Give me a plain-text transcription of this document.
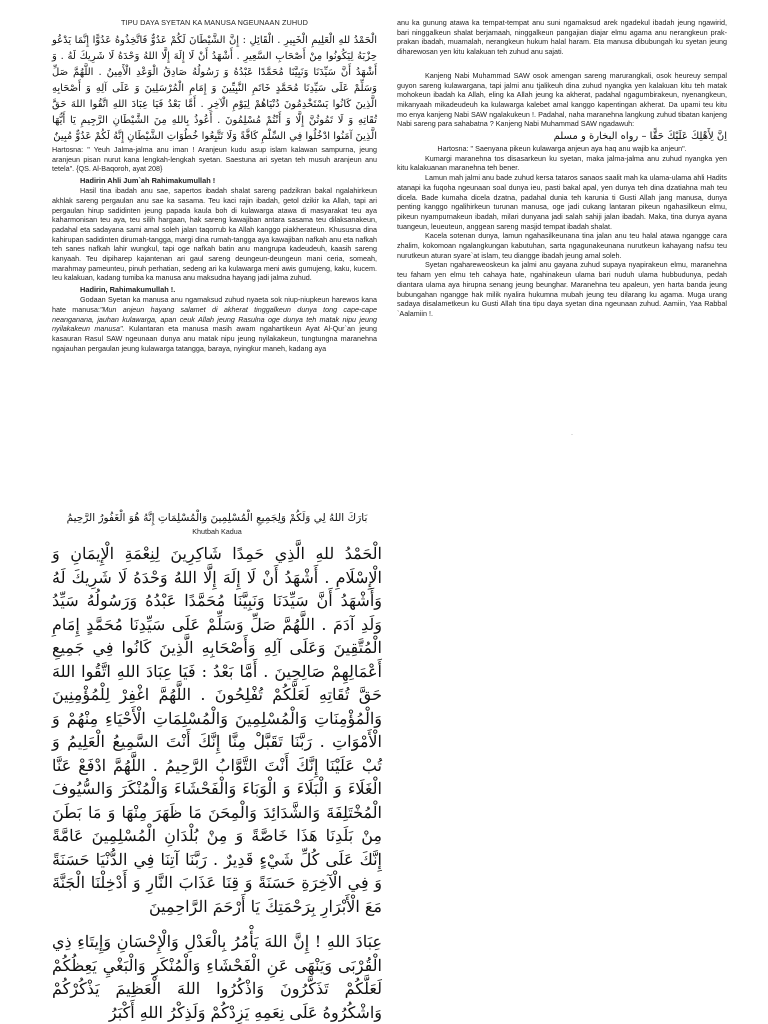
TIPU DAYA SYETAN KA MANUSA NGEUNAAN ZUHUD

الْحَمْدُ للهِ الْعَلِيمِ الْخَبِيرِ . الْقَائِلِ : إِنَّ الشَّيْطَانَ لَكُمْ عَدُوٌّ فَاتَّخِذُوهُ عَدُوًّا إِنَّمَا يَدْعُو حِزْبَهُ لِيَكُونُوا مِنْ أَصْحَابِ السَّعِيرِ . أَشْهَدُ أَنْ لَا إِلَهَ إِلَّا اللهُ وَحْدَهُ لَا شَرِيكَ لَهُ . وَ أَشْهَدُ أَنَّ سَيِّدَنَا وَنَبِيَّنَا مُحَمَّدًا عَبْدُهُ وَ رَسُولُهُ صَادِقُ الْوَعْدِ الْأَمِينُ . اللَّهُمَّ صَلِّ وَسَلِّمْ عَلَى سَيِّدِنَا مُحَمَّدٍ خَاتَمِ النَّبِيِّينَ وَ إِمَامِ الْمُرْسَلِينَ وَ عَلَى آلِهِ وَ أَصْحَابِهِ الَّذِينَ كَانُوا يَسْتَخْدِمُونَ دُنْيَاهُمْ لِيَوْمِ الْآخِرِ . أَمَّا بَعْدُ فَيَا عِبَادَ اللهِ اتَّقُوا اللهَ حَقَّ تُقَاتِهِ وَ لَا تَمُوتُنَّ إِلَّا وَ أَنْتُمْ مُسْلِمُونَ . أَعُوذُ بِاللهِ مِنَ الشَّيْطَانِ الرَّجِيمِ يَا أَيُّهَا الَّذِينَ آمَنُوا ادْخُلُوا فِي السِّلْمِ كَافَّةً وَلَا تَتَّبِعُوا خُطُوَاتِ الشَّيْطَانِ إِنَّهُ لَكُمْ عَدُوٌّ مُبِينٌ

Hartosna: " Yeuh Jalma-jalma anu iman ! Aranjeun kudu asup islam kalawan sampurna, jeung aranjeun pisan nurut kana lengkah-lengkah syetan. Saestuna ari syetan teh musuh aranjeun anu tetela". {QS. Al-Baqoroh, ayat 208}

Hadirin Ahli Jum`ah Rahimakumullah !

Hasil tina ibadah anu sae, sapertos ibadah shalat sareng padzikran bakal ngalahirkeun akhlak sareng pergaulan anu sae ka sasama. Teu kaci rajin ibadah, getol dzikir ka Allah, tapi ari pergaulan hirup sadidinten jeung papada kaula boh di kulawarga atawa di masyarakat teu aya kaharmonisan teu aya, teu silih hargaan, hak sareng kawajiban antara sasama teu dilaksanakeun, padahal eta sadayana sami amal soleh jalan taqorrub ka Allah kanggo piakherateun. Khususna dina kahirupan sadidinten dirumah-tangga, margi dina rumah-tangga aya kawajiban nafkah anu eta nafkah teh sanes nafkah lahir wungkul, tapi oge nafkah batin anu mangrupa kadeudeuh, kaasih sareng kanyaah. Teu dipiharep kajantenan ari gaul sareng deungeun-deungeun mani ceria, someah, marahmay pameunteu, pinuh perhatian, sedeng ari ka kulawarga meni awis gumujeng, kaku, kucem. Ieu kalakuan, kadang tumiba ka manusa anu maksudna hayang jadi jalma zuhud.

Hadirin, Rahimakumullah !.

Godaan Syetan ka manusa anu ngamaksud zuhud nyaeta sok niup-niupkeun harewos kana hate manusa:"Mun anjeun hayang salamet di akherat tinggalkeun dunya tong cape-cape neanganana, jauhan kulawarga, apan ceuk Allah jeung Rasulna oge dunya teh matak nipu jeung nyilakakeun manusa". Kulantaran eta manusa masih awam ngahartikeun Ayat Al-Qur`an jeung kasauran Rasul SAW ngeunaan dunya anu matak nipu jeung nyilakakeun, tungtungna maranehna ngajauhan pergaulan jeung kulawarga tatangga, baraya, nyingkur maneh, kadang aya

anu ka gunung atawa ka tempat-tempat anu suni ngamaksud arek ngadekul ibadah jeung ngawirid, bari ninggalkeun shalat berjamaah, ninggalkeun pangajian diajar elmu agama anu nerangkeun prak-prakan ibadah, muamalah, nerangkeun hukum halal haram. Eta manusa dibubungah ku syetan jeung diharewosan yen kitu kalakuan teh zuhud anu sajati.

Kanjeng Nabi Muhammad SAW osok amengan sareng marurangkali, osok heureuy sempal guyon sareng kulawargana, tapi jalmi anu tjalikeuh dina zuhud nyangka yen kalakuan kitu teh matak mohokeun ibadah ka Allah, eling ka Allah jeung ka akherat, padahal ngagumbirakeun, nyenangkeun, mikanyaah mikadeudeuh ka kulawarga kalebet amal kanggo kapentingan akherat. Da upami teu kitu mo enya kanjeng Nabi SAW ngalakukeun !. Padahal, naha maranehna langkung zuhud tibatan kanjeng Nabi sareng para sahabatna ? Kanjeng Nabi Muhammad SAW ngadawuh:

اِنَّ لِأَهْلِكَ عَلَيْكَ حَقًّا – رواه البخارة و مسلم

Hartosna: " Saenyana pikeun kulawarga anjeun aya haq anu wajib ka anjeun".

Kumargi maranehna tos disasarkeun ku syetan, maka jalma-jalma anu zuhud nyangka yen kitu kalakuanan maranehna teh bener.

Lamun mah jalmi anu bade zuhud kersa tataros sanaos saalit mah ka ulama-ulama ahli Hadits atanapi ka fuqoha ngeunaan soal dunya ieu, pasti bakal apal, yen dunya teh dina dzatiahna mah teu dicela. Bade kumaha dicela dzatna, padahal dunia teh karunia ti Gusti Allah jang manusa, dunya penting kanggo ngalihirkeun turunan manusa, oge jadi cukang lantaran pikeun ngahasilkeun elmu, pikeun nyampurnakeun ibadah, milari dunyana jadi salah sahiji jalan ibadah. Maka, tina dunya ayana tuangeun, leueuteun, anggean sareng masjid tempat ibadah shalat.

Kacela sotenan dunya, lamun ngahasilkeunana tina jalan anu teu halal atawa ngangge cara zhalim, kokomoan ngalangkungan kabutuhan, sarta ngagunakeunana nurutkeun kahayang nafsu teu nurutkeun aturan syare`at islam, teu diangge ibadah jeung amal soleh.

Syetan ngahareweoskeun ka jalmi anu gayana zuhud supaya nyapirakeun elmu, maranehna teu faham yen elmu teh cahaya hate, ngahinakeun ulama bari nuduh ulama hubbudunya, pedah diantara ulama aya hirupna senang jeung beunghar. Maranehna teu apaleun, yen harta banda jeung bubungahan ngangge hak milik nyalira hukumna mubah jeung teu dilarang ku agama. Muga urang sadaya disalametkeun ku Gusti Allah tina tipu daya syetan dina ngeunaan zuhud. Aamiin, Yaa Rabbal `Aalamiin !.

·

بَارَكَ اللهُ لِي وَلَكُمْ وَلِجَمِيعِ الْمُسْلِمِينَ وَالْمُسْلِمَاتِ إِنَّهُ هُوَ الْغَفُورُ الرَّحِيمُ

Khutbah Kadua

الْحَمْدُ للهِ الَّذِي حَمِدًا شَاكِرِينَ لِنِعْمَةِ الْإِيمَانِ وَ الْإِسْلَامِ . أَشْهَدُ أَنْ لَا إِلَهَ إِلَّا اللهُ وَحْدَهُ لَا شَرِيكَ لَهُ وَأَشْهَدُ أَنَّ سَيِّدَنَا وَنَبِيَّنَا مُحَمَّدًا عَبْدُهُ وَرَسُولُهُ سَيِّدُ وَلَدِ آدَمَ . اللَّهُمَّ صَلِّ وَسَلِّمْ عَلَى سَيِّدِنَا مُحَمَّدٍ إِمَامِ الْمُتَّقِينَ وَعَلَى آلِهِ وَأَصْحَابِهِ الَّذِينَ كَانُوا فِي جَمِيعِ أَعْمَالِهِمْ صَالِحِينَ . أَمَّا بَعْدُ : فَيَا عِبَادَ اللهِ اتَّقُوا اللهَ حَقَّ تُقَاتِهِ لَعَلَّكُمْ تُفْلِحُونَ . اللَّهُمَّ اغْفِرْ لِلْمُؤْمِنِينَ وَالْمُؤْمِنَاتِ وَالْمُسْلِمِينَ وَالْمُسْلِمَاتِ الْأَحْيَاءِ مِنْهُمْ وَ الْأَمْوَاتِ . رَبَّنَا تَقَبَّلْ مِنَّا إِنَّكَ أَنْتَ السَّمِيعُ الْعَلِيمُ وَ تُبْ عَلَيْنَا إِنَّكَ أَنْتَ التَّوَّابُ الرَّحِيمُ . اللَّهُمَّ ادْفَعْ عَنَّا الْغَلَاءَ وَ الْبَلَاءَ وَ الْوَبَاءَ وَالْفَحْشَاءَ وَالْمُنْكَرَ وَالسُّيُوفَ الْمُخْتَلِفَةَ وَالشَّدَائِدَ وَالْمِحَنَ مَا ظَهَرَ مِنْهَا وَ مَا بَطَنَ مِنْ بَلَدِنَا هَذَا خَاصَّةً وَ مِنْ بُلْدَانِ الْمُسْلِمِينَ عَامَّةً إِنَّكَ عَلَى كُلِّ شَيْءٍ قَدِيرٌ . رَبَّنَا آتِنَا فِي الدُّنْيَا حَسَنَةً وَ فِي الْآخِرَةِ حَسَنَةً وَ قِنَا عَذَابَ النَّارِ وَ أَدْخِلْنَا الْجَنَّةَ مَعَ الْأَبْرَارِ بِرَحْمَتِكَ يَا أَرْحَمَ الرَّاحِمِينَ

عِبَادَ اللهِ ! إِنَّ اللهَ يَأْمُرُ بِالْعَدْلِ وَالْإِحْسَانِ وَإِيتَاءِ ذِي الْقُرْبَى وَيَنْهَى عَنِ الْفَحْشَاءِ وَالْمُنْكَرِ وَالْبَغْيِ يَعِظُكُمْ لَعَلَّكُمْ تَذَكَّرُونَ وَاذْكُرُوا اللهَ الْعَظِيمَ يَذْكُرْكُمْ وَاشْكُرُوهُ عَلَى نِعَمِهِ يَزِدْكُمْ وَلَذِكْرُ اللهِ أَكْبَرُ
